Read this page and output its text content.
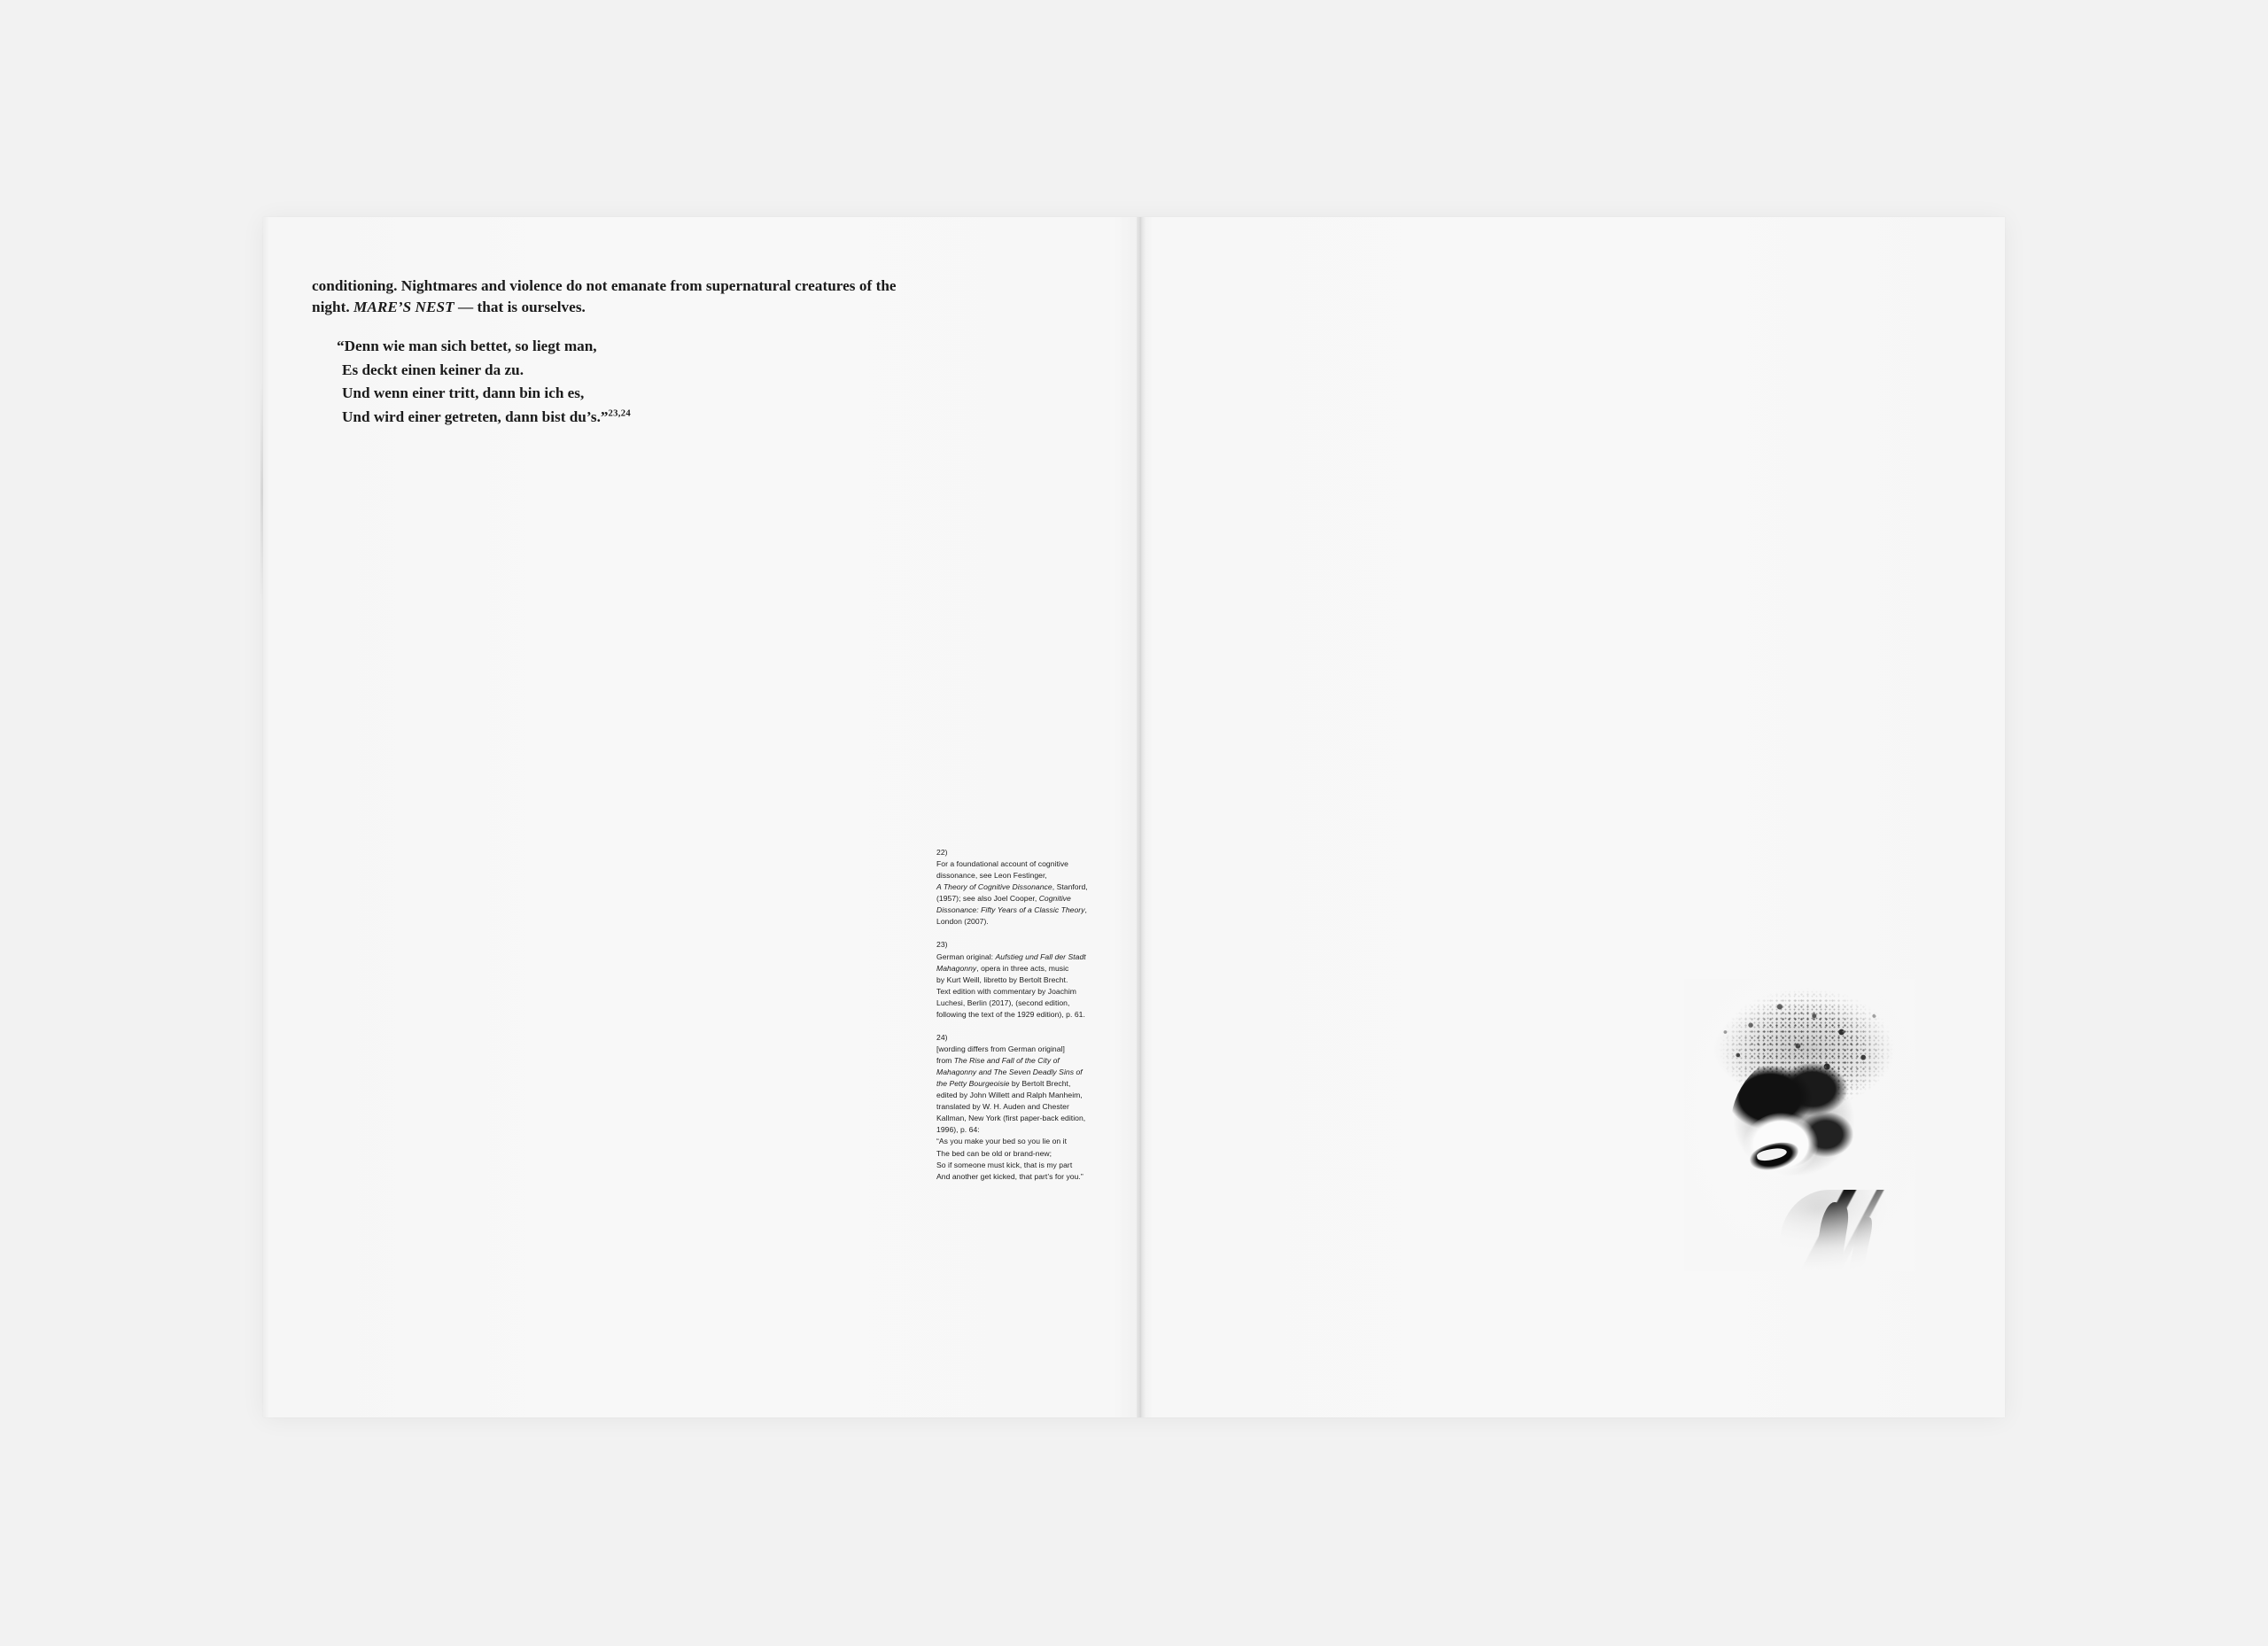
conditioning. Nightmares and violence do not emanate from supernatural creatures of the night. MARE’S NEST — that is ourselves.
“Denn wie man sich bettet, so liegt man,
Es deckt einen keiner da zu.
Und wenn einer tritt, dann bin ich es,
Und wird einer getreten, dann bist du’s.”$^{23,24}$
22)
For a foundational account of cognitive
dissonance, see Leon Festinger,
A Theory of Cognitive Dissonance, Stanford,
(1957); see also Joel Cooper, Cognitive
Dissonance: Fifty Years of a Classic Theory,
London (2007).
23)
German original: Aufstieg und Fall der Stadt
Mahagonny, opera in three acts, music
by Kurt Weill, libretto by Bertolt Brecht.
Text edition with commentary by Joachim
Luchesi, Berlin (2017), (second edition,
following the text of the 1929 edition), p. 61.
24)
[wording differs from German original]
from The Rise and Fall of the City of
Mahagonny and The Seven Deadly Sins of
the Petty Bourgeoisie by Bertolt Brecht,
edited by John Willett and Ralph Manheim,
translated by W. H. Auden and Chester
Kallman, New York (first paper-back edition,
1996), p. 64:
“As you make your bed so you lie on it
The bed can be old or brand-new;
So if someone must kick, that is my part
And another get kicked, that part’s for you.”
